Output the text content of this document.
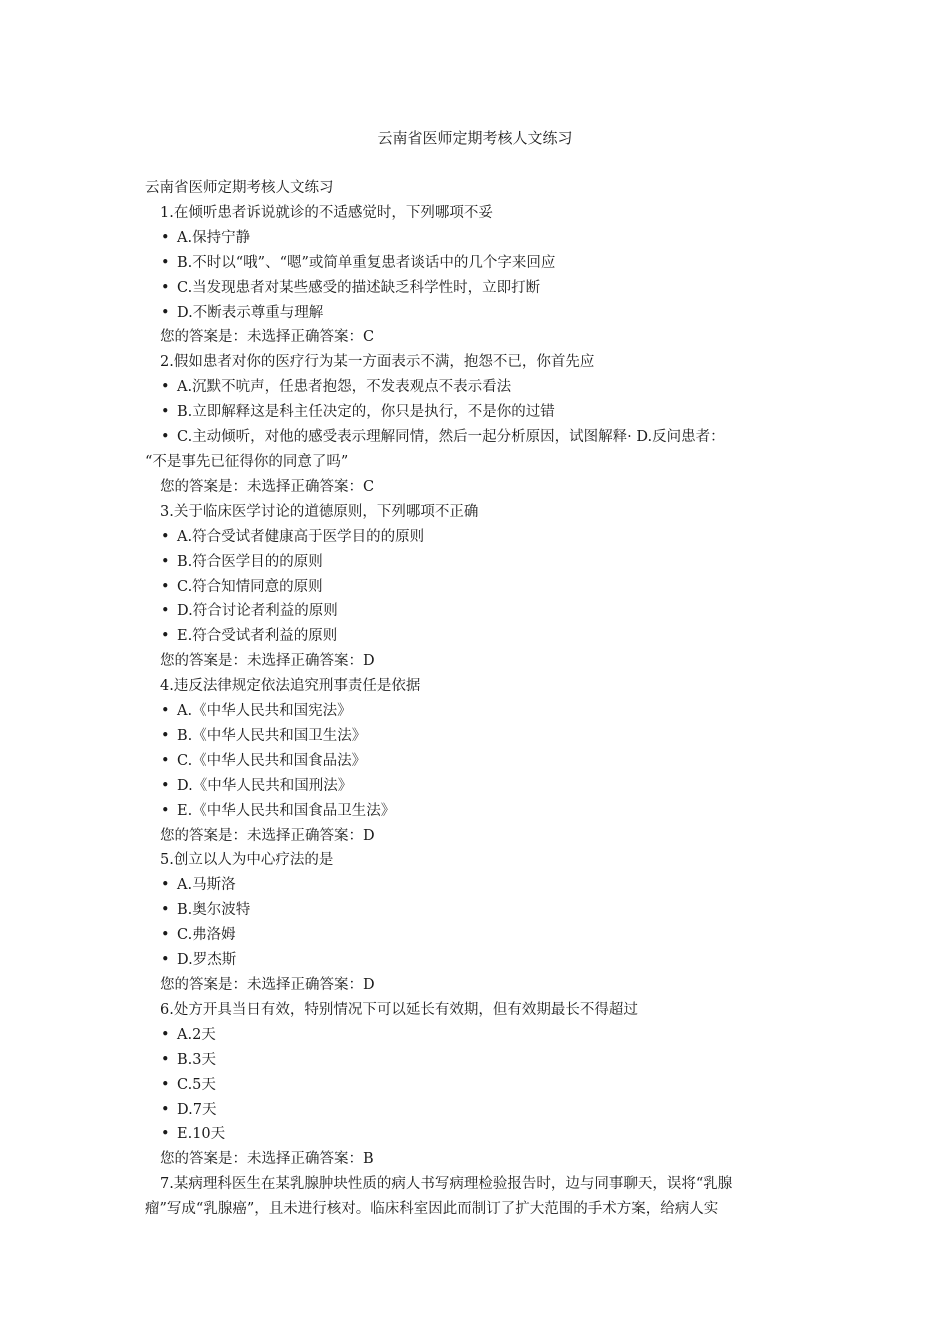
云南省医师定期考核人文练习

云南省医师定期考核人文练习

1.在倾听患者诉说就诊的不适感觉时，下列哪项不妥

• A.保持宁静

• B.不时以“哦”、“嗯”或简单重复患者谈话中的几个字来回应

• C.当发现患者对某些感受的描述缺乏科学性时，立即打断

• D.不断表示尊重与理解

您的答案是：未选择正确答案：C

2.假如患者对你的医疗行为某一方面表示不满，抱怨不已，你首先应

• A.沉默不吭声，任患者抱怨，不发表观点不表示看法

• B.立即解释这是科主任决定的，你只是执行，不是你的过错

• C.主动倾听，对他的感受表示理解同情，然后一起分析原因，试图解释· D.反问患者：

“不是事先已征得你的同意了吗”

您的答案是：未选择正确答案：C

3.关于临床医学讨论的道德原则，下列哪项不正确

• A.符合受试者健康高于医学目的的原则

• B.符合医学目的的原则

• C.符合知情同意的原则

• D.符合讨论者利益的原则

• E.符合受试者利益的原则

您的答案是：未选择正确答案：D

4.违反法律规定依法追究刑事责任是依据

• A.《中华人民共和国宪法》

• B.《中华人民共和国卫生法》

• C.《中华人民共和国食品法》

• D.《中华人民共和国刑法》

• E.《中华人民共和国食品卫生法》

您的答案是：未选择正确答案：D

5.创立以人为中心疗法的是

• A.马斯洛

• B.奥尔波特

• C.弗洛姆

• D.罗杰斯

您的答案是：未选择正确答案：D

6.处方开具当日有效，特别情况下可以延长有效期，但有效期最长不得超过

• A.2天

• B.3天

• C.5天

• D.7天

• E.10天

您的答案是：未选择正确答案：B

7.某病理科医生在某乳腺肿块性质的病人书写病理检验报告时，边与同事聊天，误将“乳腺

瘤”写成“乳腺癌”，且未进行核对。临床科室因此而制订了扩大范围的手术方案，给病人实
